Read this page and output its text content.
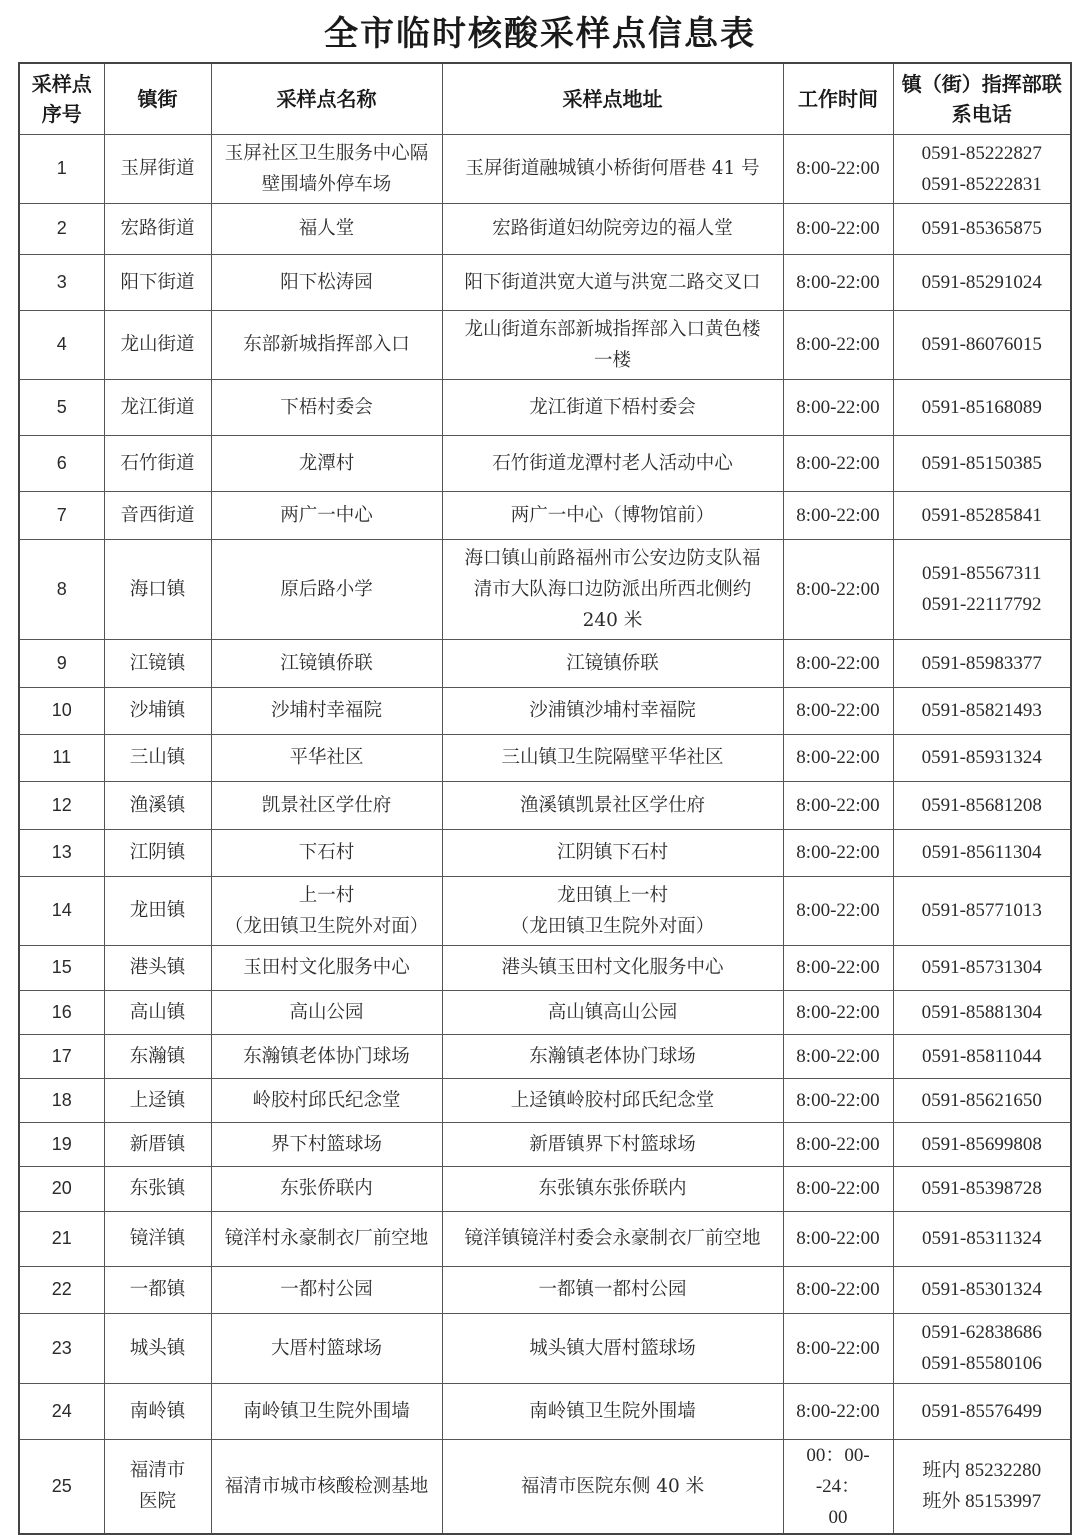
全市临时核酸采样点信息表
采样点
序号	镇街	采样点名称	采样点地址	工作时间	镇（街）指挥部联
系电话

1	玉屏街道	玉屏社区卫生服务中心隔
壁围墙外停车场	玉屏街道融城镇小桥街何厝巷 41 号	8:00-22:00	0591-85222827
0591-85222831

2	宏路街道	福人堂	宏路街道妇幼院旁边的福人堂	8:00-22:00	0591-85365875

3	阳下街道	阳下松涛园	阳下街道洪宽大道与洪宽二路交叉口	8:00-22:00	0591-85291024

4	龙山街道	东部新城指挥部入口	龙山街道东部新城指挥部入口黄色楼
一楼	8:00-22:00	0591-86076015

5	龙江街道	下梧村委会	龙江街道下梧村委会	8:00-22:00	0591-85168089

6	石竹街道	龙潭村	石竹街道龙潭村老人活动中心	8:00-22:00	0591-85150385

7	音西街道	两广一中心	两广一中心（博物馆前）	8:00-22:00	0591-85285841

8	海口镇	原后路小学	海口镇山前路福州市公安边防支队福
清市大队海口边防派出所西北侧约
240 米	8:00-22:00	0591-85567311
0591-22117792

9	江镜镇	江镜镇侨联	江镜镇侨联	8:00-22:00	0591-85983377

10	沙埔镇	沙埔村幸福院	沙浦镇沙埔村幸福院	8:00-22:00	0591-85821493

11	三山镇	平华社区	三山镇卫生院隔壁平华社区	8:00-22:00	0591-85931324

12	渔溪镇	凯景社区学仕府	渔溪镇凯景社区学仕府	8:00-22:00	0591-85681208

13	江阴镇	下石村	江阴镇下石村	8:00-22:00	0591-85611304

14	龙田镇	上一村
（龙田镇卫生院外对面）	龙田镇上一村
（龙田镇卫生院外对面）	8:00-22:00	0591-85771013

15	港头镇	玉田村文化服务中心	港头镇玉田村文化服务中心	8:00-22:00	0591-85731304

16	高山镇	高山公园	高山镇高山公园	8:00-22:00	0591-85881304

17	东瀚镇	东瀚镇老体协门球场	东瀚镇老体协门球场	8:00-22:00	0591-85811044

18	上迳镇	岭胶村邱氏纪念堂	上迳镇岭胶村邱氏纪念堂	8:00-22:00	0591-85621650

19	新厝镇	界下村篮球场	新厝镇界下村篮球场	8:00-22:00	0591-85699808

20	东张镇	东张侨联内	东张镇东张侨联内	8:00-22:00	0591-85398728

21	镜洋镇	镜洋村永豪制衣厂前空地	镜洋镇镜洋村委会永豪制衣厂前空地	8:00-22:00	0591-85311324

22	一都镇	一都村公园	一都镇一都村公园	8:00-22:00	0591-85301324

23	城头镇	大厝村篮球场	城头镇大厝村篮球场	8:00-22:00	0591-62838686
0591-85580106

24	南岭镇	南岭镇卫生院外围墙	南岭镇卫生院外围墙	8:00-22:00	0591-85576499

25	福清市
医院	福清市城市核酸检测基地	福清市医院东侧 40 米	00：00--24：
00	班内 85232280
班外 85153997
